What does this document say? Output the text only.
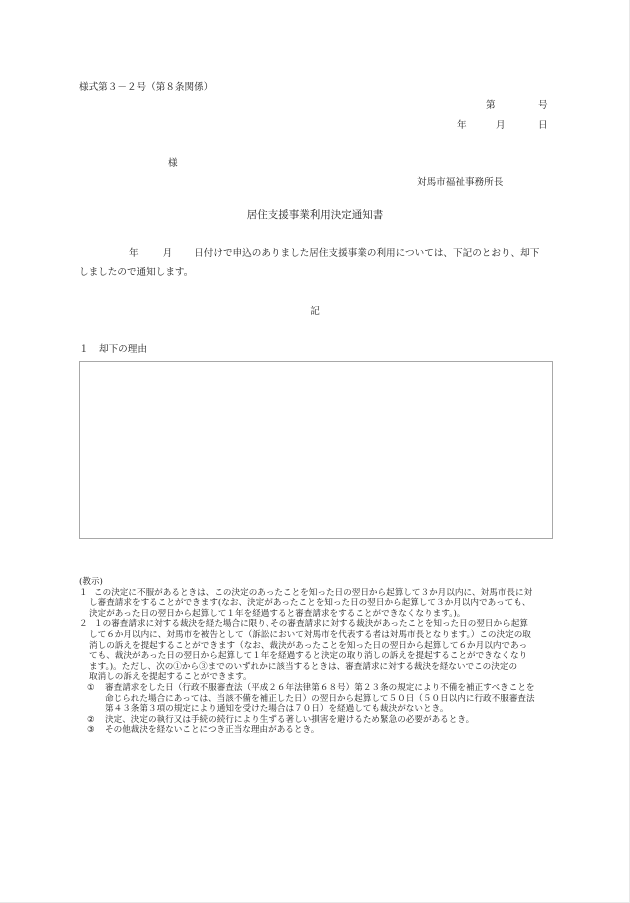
様式第３－２号（第８条関係）
第	号
年	月	日
様
対馬市福祉事務所長
居住支援事業利用決定通知書
年	月 日付けで申込のありました居住支援事業の利用については、下記のとおり、却下
しましたので通知します。
記
１ 却下の理由
(教示)
１ この決定に不服があるときは、この決定のあったことを知った日の翌日から起算して３か月以内に、対馬市長に対
し審査請求をすることができます(なお、決定があったことを知った日の翌日から起算して３か月以内であっても、
決定があった日の翌日から起算して１年を経過すると審査請求をすることができなくなります。)。
２ １の審査請求に対する裁決を経た場合に限り､その審査請求に対する裁決があったことを知った日の翌日から起算
して６か月以内に、対馬市を被告として（訴訟において対馬市を代表する者は対馬市長となります。）この決定の取
消しの訴えを提起することができます（なお、裁決があったことを知った日の翌日から起算して６か月以内であっ
ても、裁決があった日の翌日から起算して１年を経過すると決定の取り消しの訴えを提起することができなくなり
ます。)。ただし、次の①から③までのいずれかに該当するときは、審査請求に対する裁決を経ないでこの決定の
取消しの訴えを提起することができます。
① 審査請求をした日（行政不服審査法（平成２６年法律第６８号）第２３条の規定により不備を補正すべきことを
命じられた場合にあっては、当該不備を補正した日）の翌日から起算して５０日（５０日以内に行政不服審査法
第４３条第３項の規定により通知を受けた場合は７０日）を経過しても裁決がないとき。
② 決定、決定の執行又は手続の続行により生ずる著しい損害を避けるため緊急の必要があるとき。
③ その他裁決を経ないことにつき正当な理由があるとき。
